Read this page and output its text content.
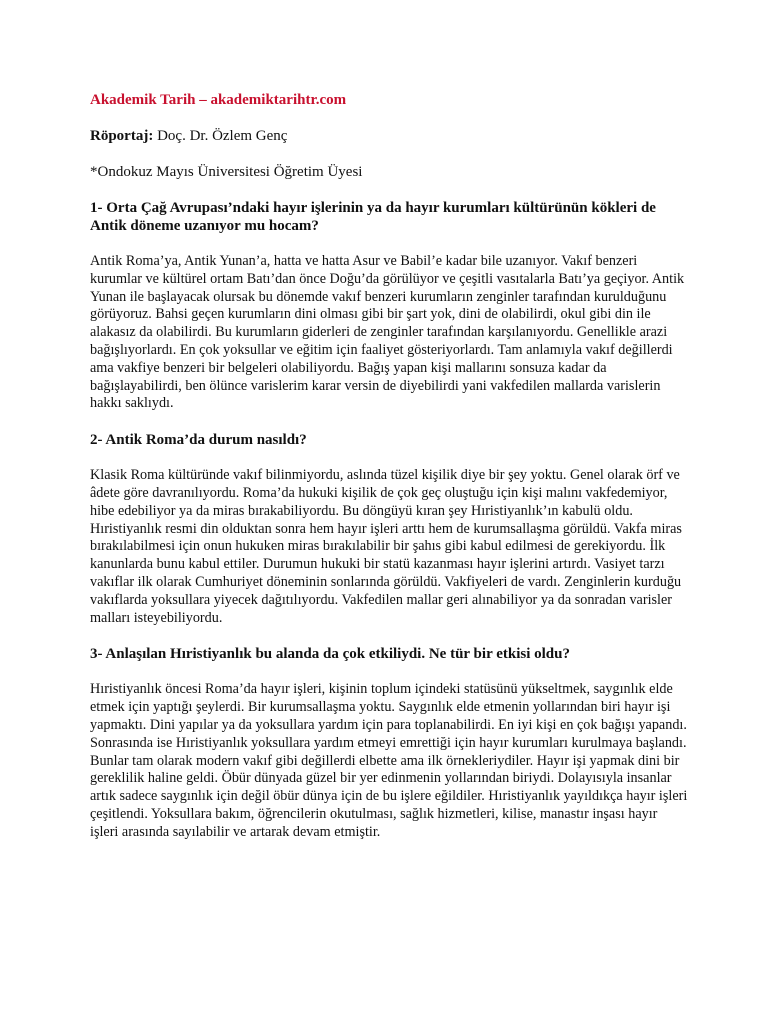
Akademik Tarih – akademiktarihtr.com
Röportaj: Doç. Dr. Özlem Genç
*Ondokuz Mayıs Üniversitesi Öğretim Üyesi
1- Orta Çağ Avrupası’ndaki hayır işlerinin ya da hayır kurumları kültürünün kökleri de Antik döneme uzanıyor mu hocam?
Antik Roma’ya, Antik Yunan’a, hatta ve hatta Asur ve Babil’e kadar bile uzanıyor. Vakıf benzeri kurumlar ve kültürel ortam Batı’dan önce Doğu’da görülüyor ve çeşitli vasıtalarla Batı’ya geçiyor. Antik Yunan ile başlayacak olursak bu dönemde vakıf benzeri kurumların zenginler tarafından kurulduğunu görüyoruz. Bahsi geçen kurumların dini olması gibi bir şart yok, dini de olabilirdi, okul gibi din ile alakasız da olabilirdi. Bu kurumların giderleri de zenginler tarafından karşılanıyordu. Genellikle arazi bağışlıyorlardı. En çok yoksullar ve eğitim için faaliyet gösteriyorlardı. Tam anlamıyla vakıf değillerdi ama vakfiye benzeri bir belgeleri olabiliyordu. Bağış yapan kişi mallarını sonsuza kadar da bağışlayabilirdi, ben ölünce varislerim karar versin de diyebilirdi yani vakfedilen mallarda varislerin hakkı saklıydı.
2- Antik Roma’da durum nasıldı?
Klasik Roma kültüründe vakıf bilinmiyordu, aslında tüzel kişilik diye bir şey yoktu. Genel olarak örf ve âdete göre davranılıyordu. Roma’da hukuki kişilik de çok geç oluştuğu için kişi malını vakfedemiyor, hibe edebiliyor ya da miras bırakabiliyordu. Bu döngüyü kıran şey Hıristiyanlık’ın kabulü oldu. Hıristiyanlık resmi din olduktan sonra hem hayır işleri arttı hem de kurumsallaşma görüldü. Vakfa miras bırakılabilmesi için onun hukuken miras bırakılabilir bir şahıs gibi kabul edilmesi de gerekiyordu. İlk kanunlarda bunu kabul ettiler. Durumun hukuki bir statü kazanması hayır işlerini artırdı. Vasiyet tarzı vakıflar ilk olarak Cumhuriyet döneminin sonlarında görüldü. Vakfiyeleri de vardı. Zenginlerin kurduğu vakıflarda yoksullara yiyecek dağıtılıyordu. Vakfedilen mallar geri alınabiliyor ya da sonradan varisler malları isteyebiliyordu.
3- Anlaşılan Hıristiyanlık bu alanda da çok etkiliydi. Ne tür bir etkisi oldu?
Hıristiyanlık öncesi Roma’da hayır işleri, kişinin toplum içindeki statüsünü yükseltmek, saygınlık elde etmek için yaptığı şeylerdi. Bir kurumsallaşma yoktu. Saygınlık elde etmenin yollarından biri hayır işi yapmaktı. Dini yapılar ya da yoksullara yardım için para toplanabilirdi. En iyi kişi en çok bağışı yapandı. Sonrasında ise Hıristiyanlık yoksullara yardım etmeyi emrettiği için hayır kurumları kurulmaya başlandı. Bunlar tam olarak modern vakıf gibi değillerdi elbette ama ilk örnekleriydiler. Hayır işi yapmak dini bir gereklilik haline geldi. Öbür dünyada güzel bir yer edinmenin yollarından biriydi. Dolayısıyla insanlar artık sadece saygınlık için değil öbür dünya için de bu işlere eğildiler. Hıristiyanlık yayıldıkça hayır işleri çeşitlendi. Yoksullara bakım, öğrencilerin okutulması, sağlık hizmetleri, kilise, manastır inşası hayır işleri arasında sayılabilir ve artarak devam etmiştir.
